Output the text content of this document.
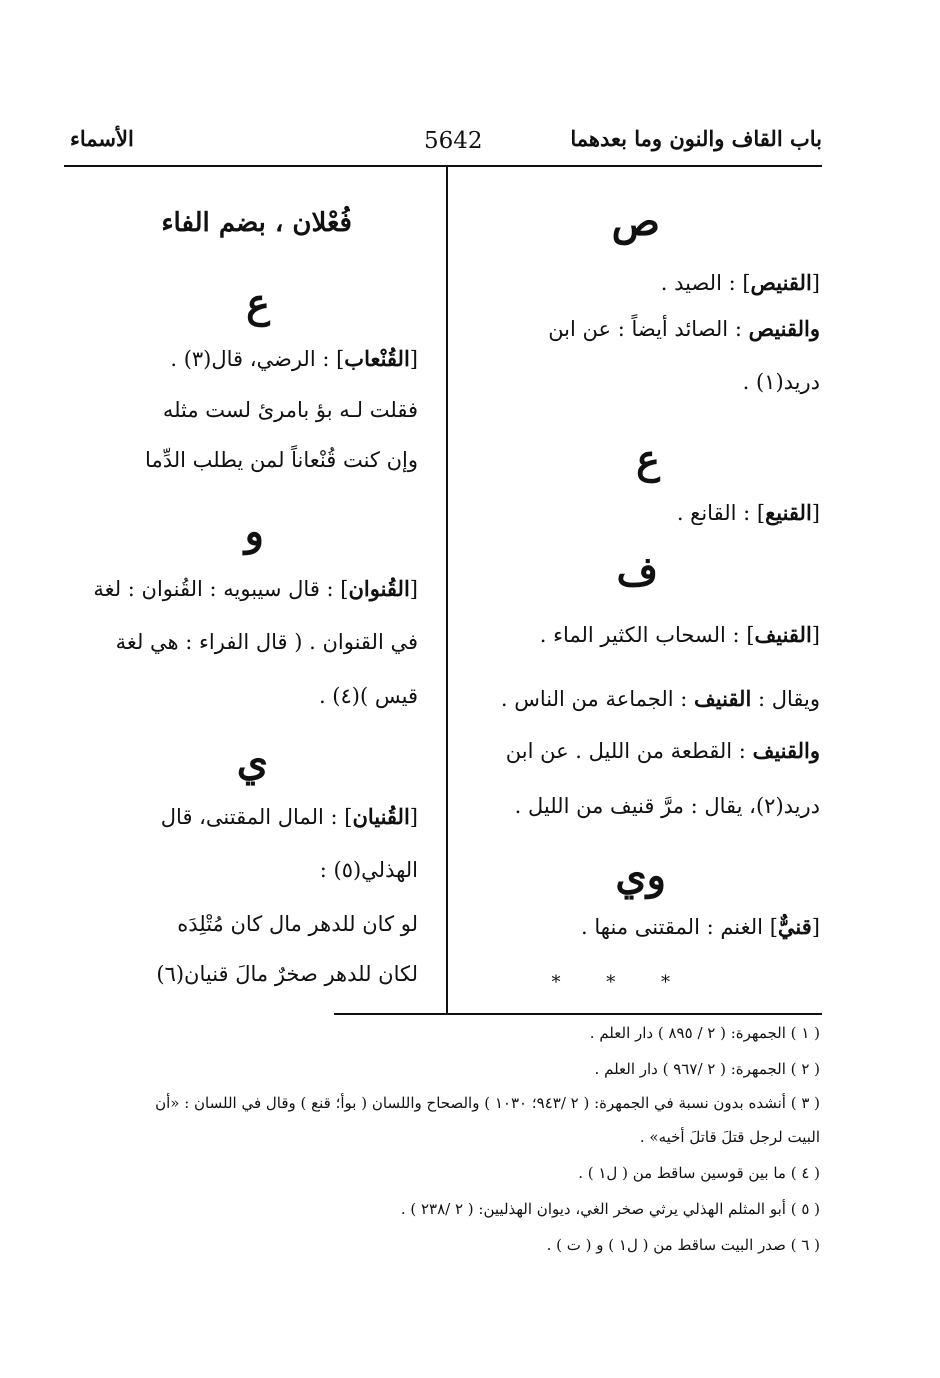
باب القاف والنون وما بعدهما
5642
الأسماء
ص
[القنيص] : الصيد .
والقنيص : الصائد أيضاً : عن ابن
دريد(١) .
ع
[القنيع] : القانع .
ف
[القنيف] : السحاب الكثير الماء .
ويقال : القنيف : الجماعة من الناس .
والقنيف : القطعة من الليل . عن ابن
دريد(٢)، يقال : مرَّ قنيف من الليل .
وي
[قنيٌّ] الغنم : المقتنى منها .
* * *
فُعْلان ، بضم الفاء
ع
[القُنْعاب] : الرضي، قال(٣) .
فقلت لـه بؤ بامرئ لست مثله
وإن كنت قُنْعاناً لمن يطلب الدِّما
و
[القُنوان] : قال سيبويه : القُنوان : لغة
في القنوان . ( قال الفراء : هي لغة
قيس )(٤) .
ي
[القُنيان] : المال المقتنى، قال
الهذلي(٥) :
لو كان للدهر مال كان مُتْلِدَه
لكان للدهر صخرٌ مالَ قنيان(٦)
( ١ ) الجمهرة: ( ٢ / ٨٩٥ ) دار العلم .
( ٢ ) الجمهرة: ( ٢ /٩٦٧ ) دار العلم .
( ٣ ) أنشده بدون نسبة في الجمهرة: ( ٢ /٩٤٣؛ ١٠٣٠ ) والصحاح واللسان ( بوأ؛ قنع ) وقال في اللسان : «أن
البيت لرجل قتلَ قاتلَ أخيه» .
( ٤ ) ما بين قوسين ساقط من ( ل١ ) .
( ٥ ) أبو المثلم الهذلي يرثي صخر الغي، ديوان الهذليين: ( ٢ /٢٣٨ ) .
( ٦ ) صدر البيت ساقط من ( ل١ ) و ( ت ) .
